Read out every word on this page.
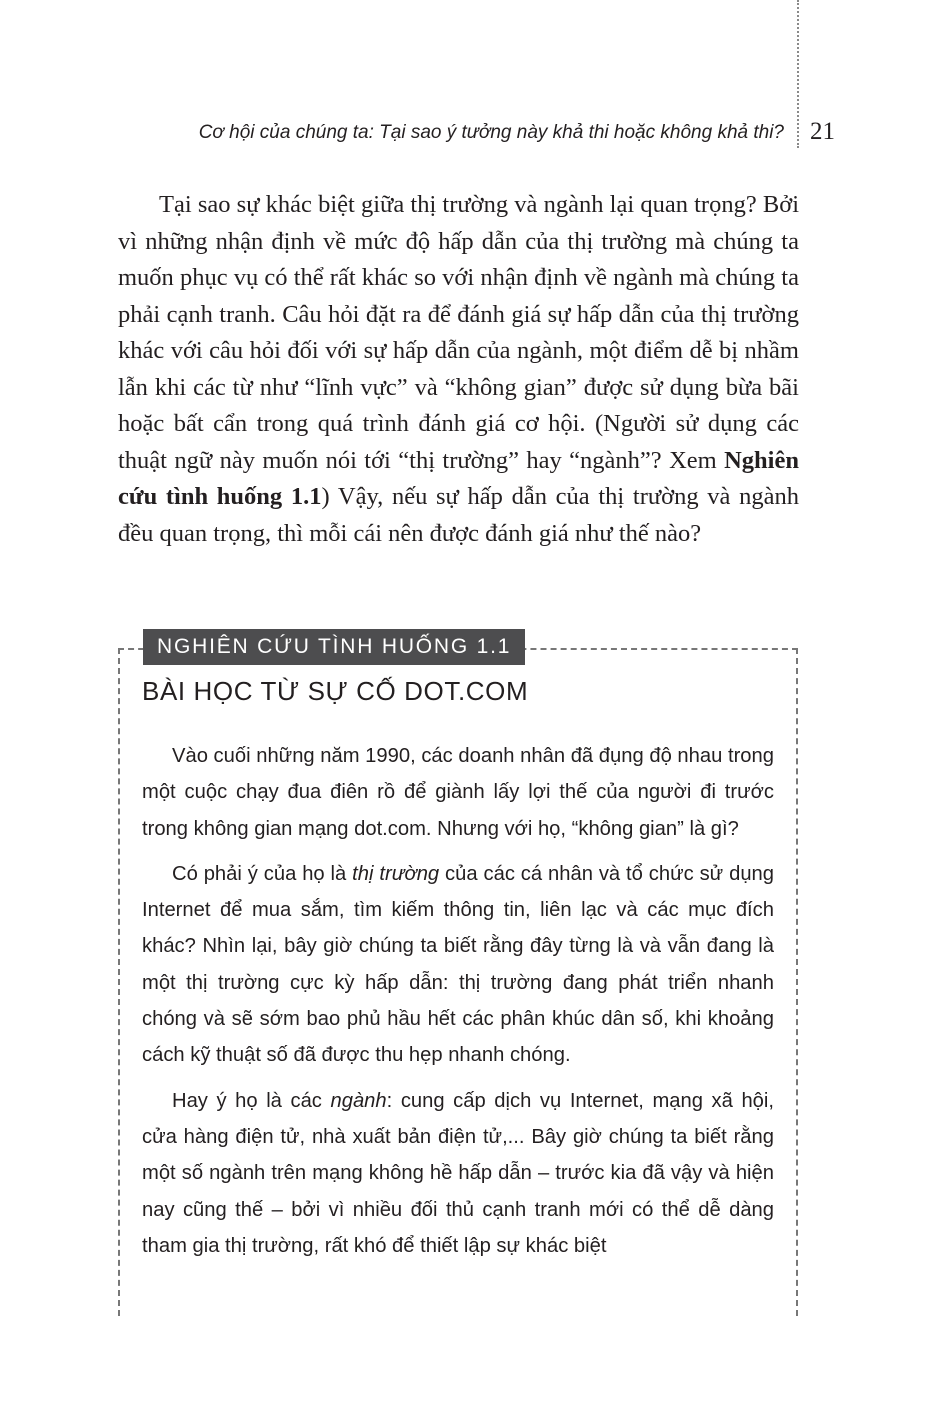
Cơ hội của chúng ta: Tại sao ý tưởng này khả thi hoặc không khả thi? 21

Tại sao sự khác biệt giữa thị trường và ngành lại quan trọng? Bởi vì những nhận định về mức độ hấp dẫn của thị trường mà chúng ta muốn phục vụ có thể rất khác so với nhận định về ngành mà chúng ta phải cạnh tranh. Câu hỏi đặt ra để đánh giá sự hấp dẫn của thị trường khác với câu hỏi đối với sự hấp dẫn của ngành, một điểm dễ bị nhầm lẫn khi các từ như “lĩnh vực” và “không gian” được sử dụng bừa bãi hoặc bất cẩn trong quá trình đánh giá cơ hội. (Người sử dụng các thuật ngữ này muốn nói tới “thị trường” hay “ngành”? Xem Nghiên cứu tình huống 1.1) Vậy, nếu sự hấp dẫn của thị trường và ngành đều quan trọng, thì mỗi cái nên được đánh giá như thế nào?

NGHIÊN CỨU TÌNH HUỐNG 1.1
BÀI HỌC TỪ SỰ CỐ DOT.COM

Vào cuối những năm 1990, các doanh nhân đã đụng độ nhau trong một cuộc chạy đua điên rồ để giành lấy lợi thế của người đi trước trong không gian mạng dot.com. Nhưng với họ, “không gian” là gì?

Có phải ý của họ là thị trường của các cá nhân và tổ chức sử dụng Internet để mua sắm, tìm kiếm thông tin, liên lạc và các mục đích khác? Nhìn lại, bây giờ chúng ta biết rằng đây từng là và vẫn đang là một thị trường cực kỳ hấp dẫn: thị trường đang phát triển nhanh chóng và sẽ sớm bao phủ hầu hết các phân khúc dân số, khi khoảng cách kỹ thuật số đã được thu hẹp nhanh chóng.

Hay ý họ là các ngành: cung cấp dịch vụ Internet, mạng xã hội, cửa hàng điện tử, nhà xuất bản điện tử,... Bây giờ chúng ta biết rằng một số ngành trên mạng không hề hấp dẫn – trước kia đã vậy và hiện nay cũng thế – bởi vì nhiều đối thủ cạnh tranh mới có thể dễ dàng tham gia thị trường, rất khó để thiết lập sự khác biệt
